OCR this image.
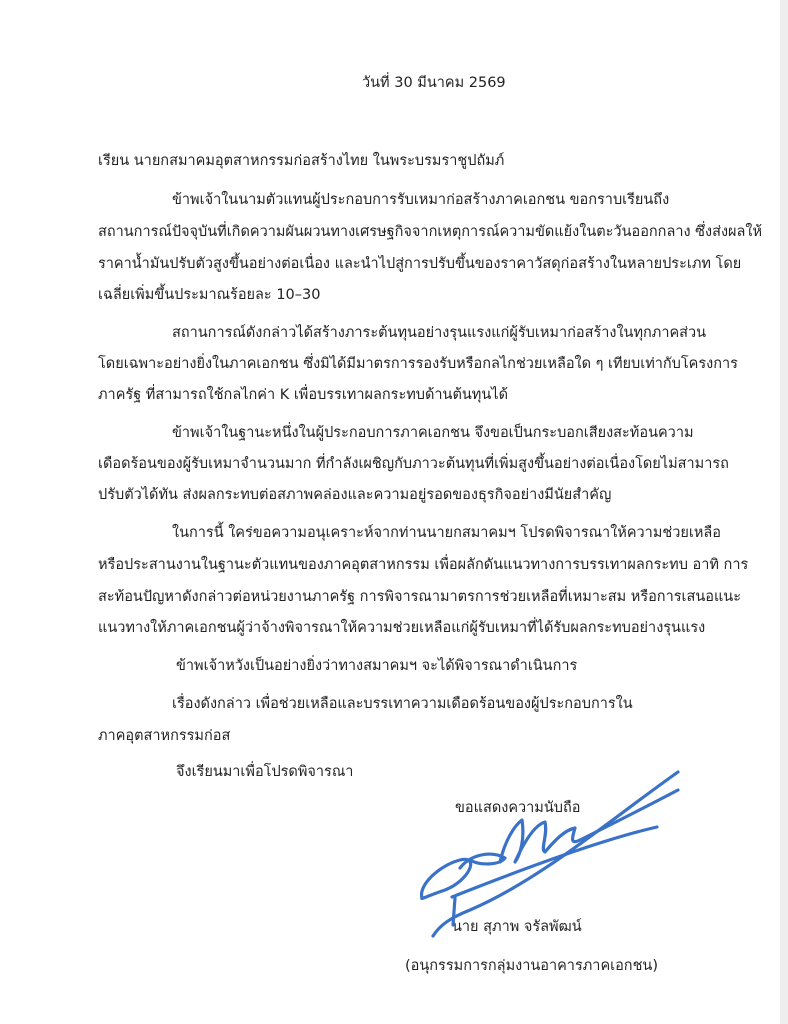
วันที่ 30 มีนาคม 2569
เรียน นายกสมาคมอุตสาหกรรมก่อสร้างไทย ในพระบรมราชูปถัมภ์
ข้าพเจ้าในนามตัวแทนผู้ประกอบการรับเหมาก่อสร้างภาคเอกชน ขอกราบเรียนถึง
สถานการณ์ปัจจุบันที่เกิดความผันผวนทางเศรษฐกิจจากเหตุการณ์ความขัดแย้งในตะวันออกกลาง ซึ่งส่งผลให้
ราคาน้ำมันปรับตัวสูงขึ้นอย่างต่อเนื่อง และนำไปสู่การปรับขึ้นของราคาวัสดุก่อสร้างในหลายประเภท โดย
เฉลี่ยเพิ่มขึ้นประมาณร้อยละ 10–30
สถานการณ์ดังกล่าวได้สร้างภาระต้นทุนอย่างรุนแรงแก่ผู้รับเหมาก่อสร้างในทุกภาคส่วน
โดยเฉพาะอย่างยิ่งในภาคเอกชน ซึ่งมิได้มีมาตรการรองรับหรือกลไกช่วยเหลือใด ๆ เทียบเท่ากับโครงการ
ภาครัฐ ที่สามารถใช้กลไกค่า K เพื่อบรรเทาผลกระทบด้านต้นทุนได้
ข้าพเจ้าในฐานะหนึ่งในผู้ประกอบการภาคเอกชน จึงขอเป็นกระบอกเสียงสะท้อนความ
เดือดร้อนของผู้รับเหมาจำนวนมาก ที่กำลังเผชิญกับภาวะต้นทุนที่เพิ่มสูงขึ้นอย่างต่อเนื่องโดยไม่สามารถ
ปรับตัวได้ทัน ส่งผลกระทบต่อสภาพคล่องและความอยู่รอดของธุรกิจอย่างมีนัยสำคัญ
ในการนี้ ใคร่ขอความอนุเคราะห์จากท่านนายกสมาคมฯ โปรดพิจารณาให้ความช่วยเหลือ
หรือประสานงานในฐานะตัวแทนของภาคอุตสาหกรรม เพื่อผลักดันแนวทางการบรรเทาผลกระทบ อาทิ การ
สะท้อนปัญหาดังกล่าวต่อหน่วยงานภาครัฐ การพิจารณามาตรการช่วยเหลือที่เหมาะสม หรือการเสนอแนะ
แนวทางให้ภาคเอกชนผู้ว่าจ้างพิจารณาให้ความช่วยเหลือแก่ผู้รับเหมาที่ได้รับผลกระทบอย่างรุนแรง
ข้าพเจ้าหวังเป็นอย่างยิ่งว่าทางสมาคมฯ จะได้พิจารณาดำเนินการ
เรื่องดังกล่าว เพื่อช่วยเหลือและบรรเทาความเดือดร้อนของผู้ประกอบการใน
ภาคอุตสาหกรรมก่อส
จึงเรียนมาเพื่อโปรดพิจารณา
ขอแสดงความนับถือ
นาย สุภาพ จรัลพัฒน์
(อนุกรรมการกลุ่มงานอาคารภาคเอกชน)
